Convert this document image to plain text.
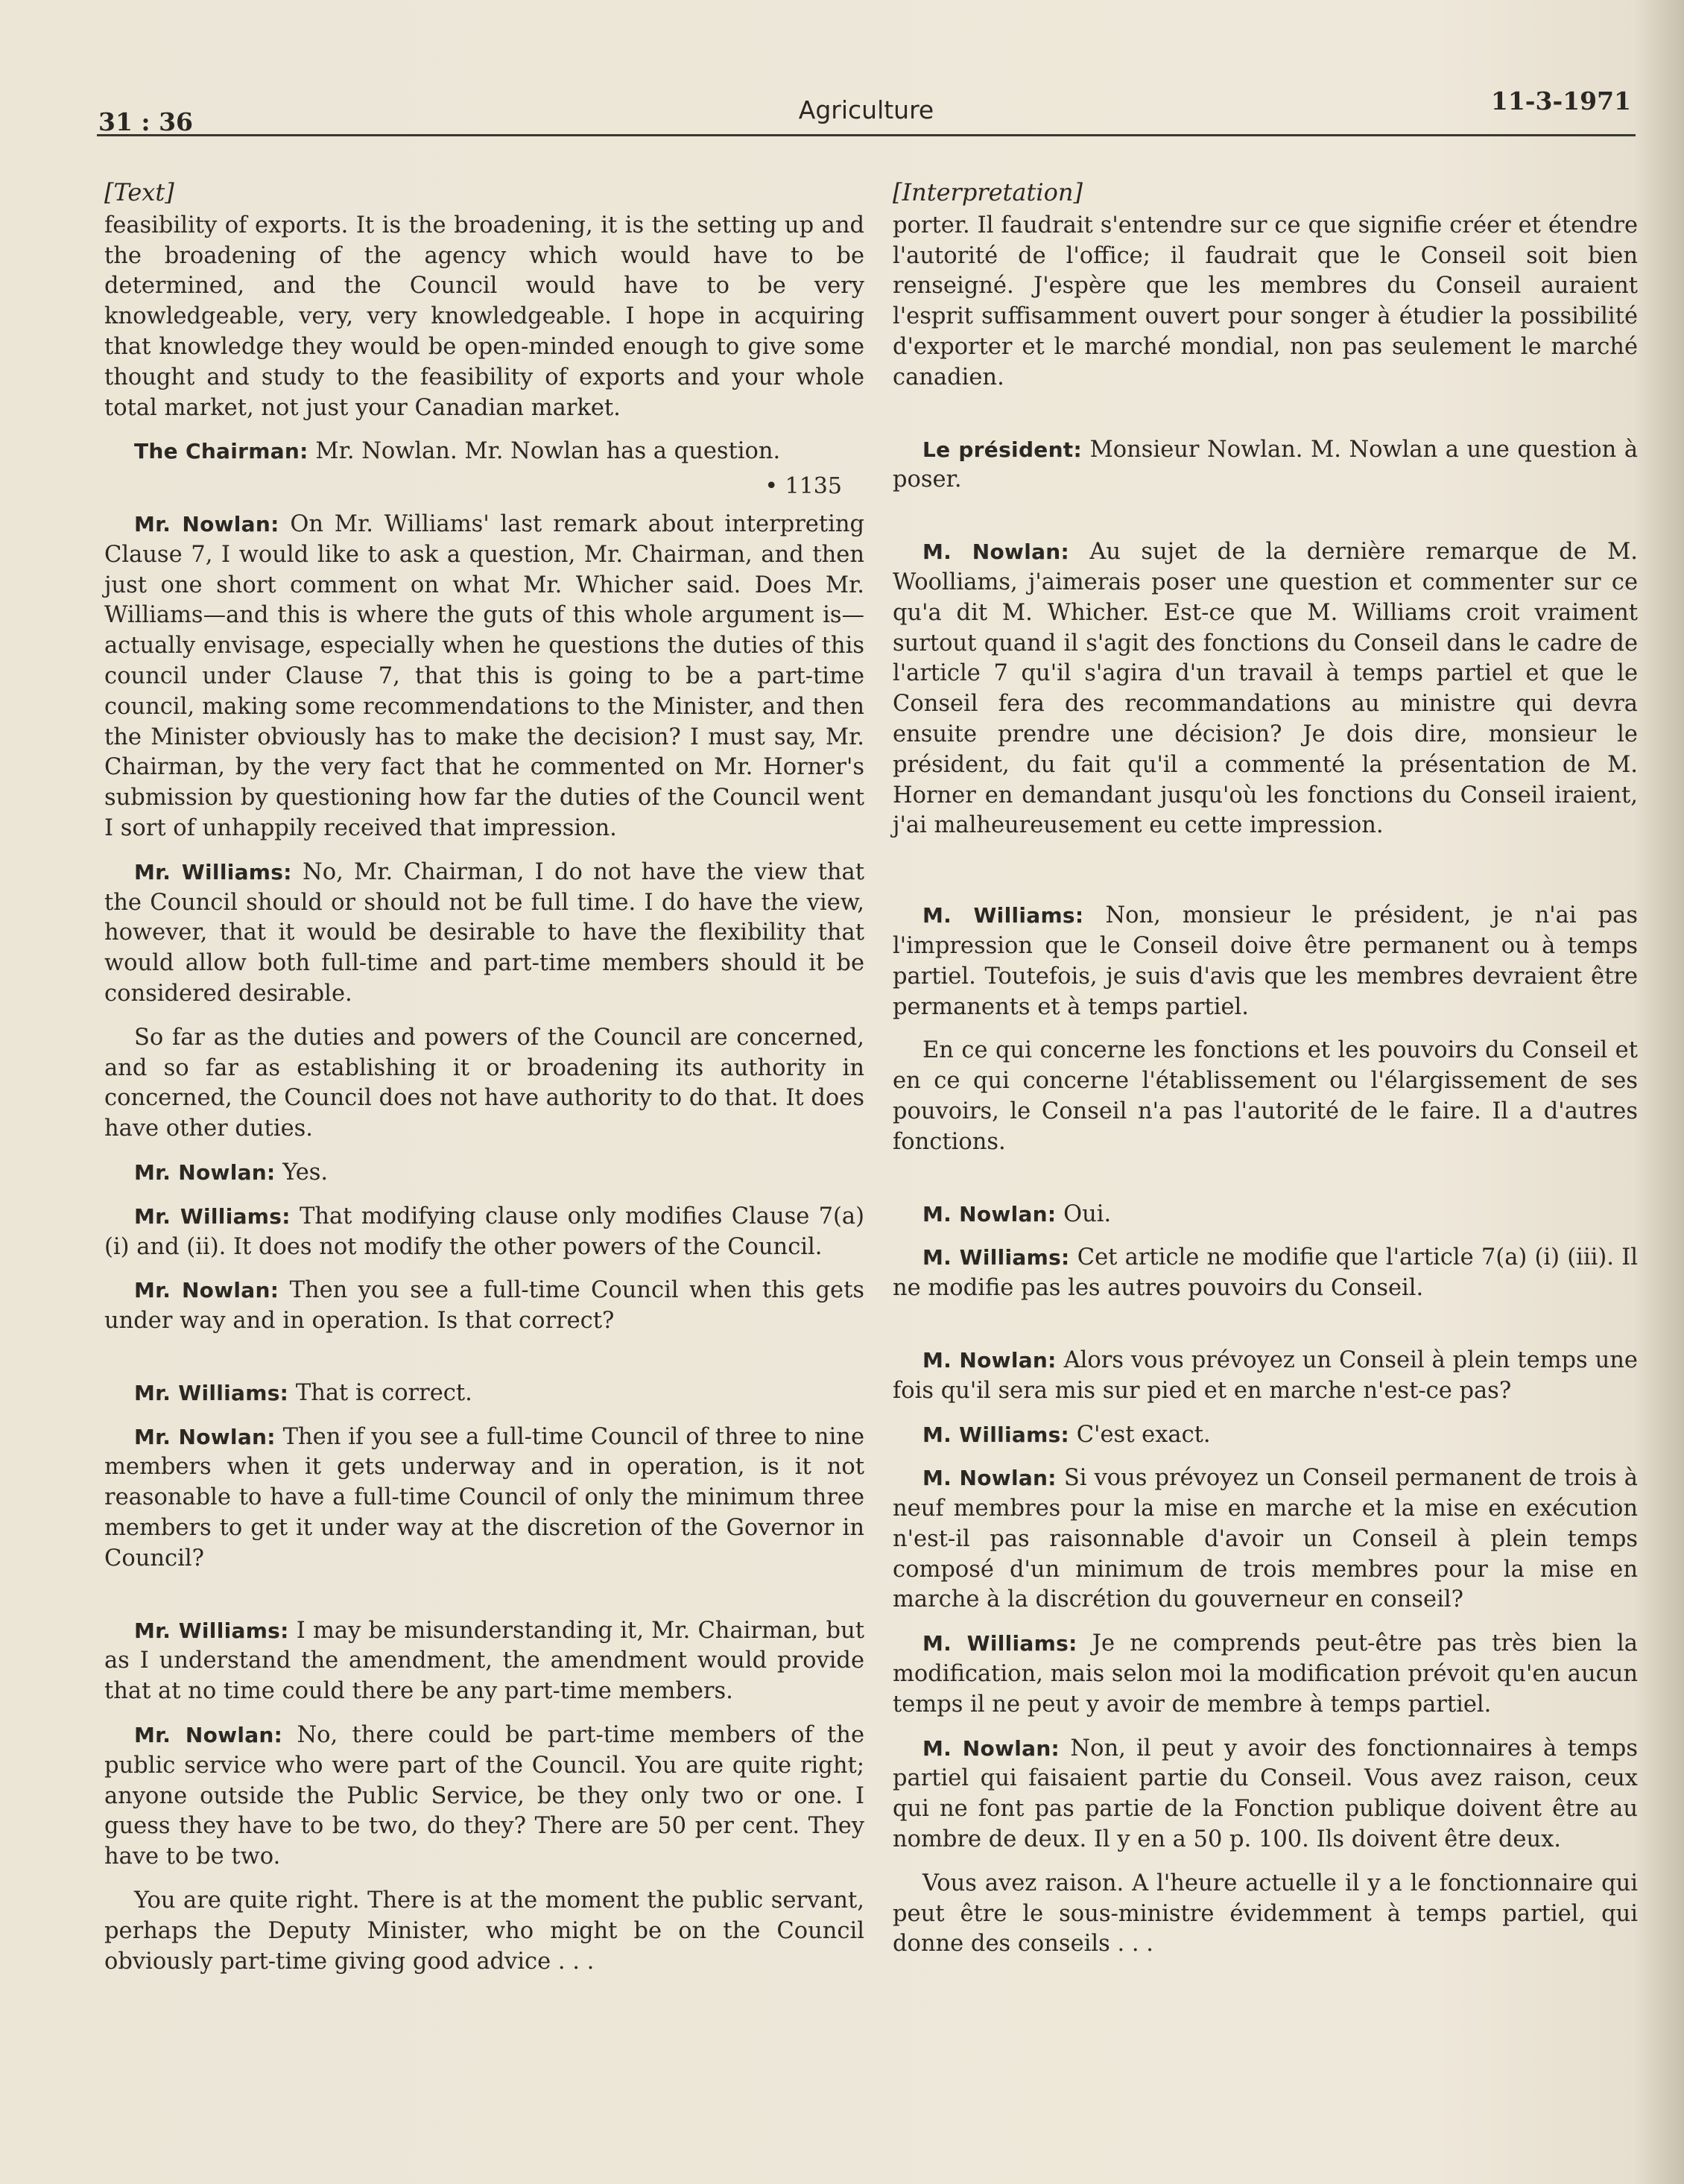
31 : 36	Agriculture	11-3-1971

[Text]

feasibility of exports. It is the broadening, it is the setting up and the broadening of the agency which would have to be determined, and the Council would have to be very knowledgeable, very, very knowledgeable. I hope in acquiring that knowledge they would be open-minded enough to give some thought and study to the feasibility of exports and your whole total market, not just your Canadian market.

The Chairman: Mr. Nowlan. Mr. Nowlan has a question.

• 1135

Mr. Nowlan: On Mr. Williams' last remark about interpreting Clause 7, I would like to ask a question, Mr. Chairman, and then just one short comment on what Mr. Whicher said. Does Mr. Williams—and this is where the guts of this whole argument is—actually envisage, especially when he questions the duties of this council under Clause 7, that this is going to be a part-time council, making some recommendations to the Minister, and then the Minister obviously has to make the decision? I must say, Mr. Chairman, by the very fact that he commented on Mr. Horner's submission by questioning how far the duties of the Council went I sort of unhappily received that impression.

Mr. Williams: No, Mr. Chairman, I do not have the view that the Council should or should not be full time. I do have the view, however, that it would be desirable to have the flexibility that would allow both full-time and part-time members should it be considered desirable.

So far as the duties and powers of the Council are concerned, and so far as establishing it or broadening its authority in concerned, the Council does not have authority to do that. It does have other duties.

Mr. Nowlan: Yes.

Mr. Williams: That modifying clause only modifies Clause 7(a)(i) and (ii). It does not modify the other powers of the Council.

Mr. Nowlan: Then you see a full-time Council when this gets under way and in operation. Is that correct?

Mr. Williams: That is correct.

Mr. Nowlan: Then if you see a full-time Council of three to nine members when it gets underway and in operation, is it not reasonable to have a full-time Council of only the minimum three members to get it under way at the discretion of the Governor in Council?

Mr. Williams: I may be misunderstanding it, Mr. Chairman, but as I understand the amendment, the amendment would provide that at no time could there be any part-time members.

Mr. Nowlan: No, there could be part-time members of the public service who were part of the Council. You are quite right; anyone outside the Public Service, be they only two or one. I guess they have to be two, do they? There are 50 per cent. They have to be two.

You are quite right. There is at the moment the public servant, perhaps the Deputy Minister, who might be on the Council obviously part-time giving good advice . . .

[Interpretation]

porter. Il faudrait s'entendre sur ce que signifie créer et étendre l'autorité de l'office; il faudrait que le Conseil soit bien renseigné. J'espère que les membres du Conseil auraient l'esprit suffisamment ouvert pour songer à étudier la possibilité d'exporter et le marché mondial, non pas seulement le marché canadien.

Le président: Monsieur Nowlan. M. Nowlan a une question à poser.

M. Nowlan: Au sujet de la dernière remarque de M. Woolliams, j'aimerais poser une question et commenter sur ce qu'a dit M. Whicher. Est-ce que M. Williams croit vraiment surtout quand il s'agit des fonctions du Conseil dans le cadre de l'article 7 qu'il s'agira d'un travail à temps partiel et que le Conseil fera des recommandations au ministre qui devra ensuite prendre une décision? Je dois dire, monsieur le président, du fait qu'il a commenté la présentation de M. Horner en demandant jusqu'où les fonctions du Conseil iraient, j'ai malheureusement eu cette impression.

M. Williams: Non, monsieur le président, je n'ai pas l'impression que le Conseil doive être permanent ou à temps partiel. Toutefois, je suis d'avis que les membres devraient être permanents et à temps partiel.

En ce qui concerne les fonctions et les pouvoirs du Conseil et en ce qui concerne l'établissement ou l'élargissement de ses pouvoirs, le Conseil n'a pas l'autorité de le faire. Il a d'autres fonctions.

M. Nowlan: Oui.

M. Williams: Cet article ne modifie que l'article 7(a) (i) (iii). Il ne modifie pas les autres pouvoirs du Conseil.

M. Nowlan: Alors vous prévoyez un Conseil à plein temps une fois qu'il sera mis sur pied et en marche n'est-ce pas?

M. Williams: C'est exact.

M. Nowlan: Si vous prévoyez un Conseil permanent de trois à neuf membres pour la mise en marche et la mise en exécution n'est-il pas raisonnable d'avoir un Conseil à plein temps composé d'un minimum de trois membres pour la mise en marche à la discrétion du gouverneur en conseil?

M. Williams: Je ne comprends peut-être pas très bien la modification, mais selon moi la modification prévoit qu'en aucun temps il ne peut y avoir de membre à temps partiel.

M. Nowlan: Non, il peut y avoir des fonctionnaires à temps partiel qui faisaient partie du Conseil. Vous avez raison, ceux qui ne font pas partie de la Fonction publique doivent être au nombre de deux. Il y en a 50 p. 100. Ils doivent être deux.

Vous avez raison. A l'heure actuelle il y a le fonctionnaire qui peut être le sous-ministre évidemment à temps partiel, qui donne des conseils . . .
